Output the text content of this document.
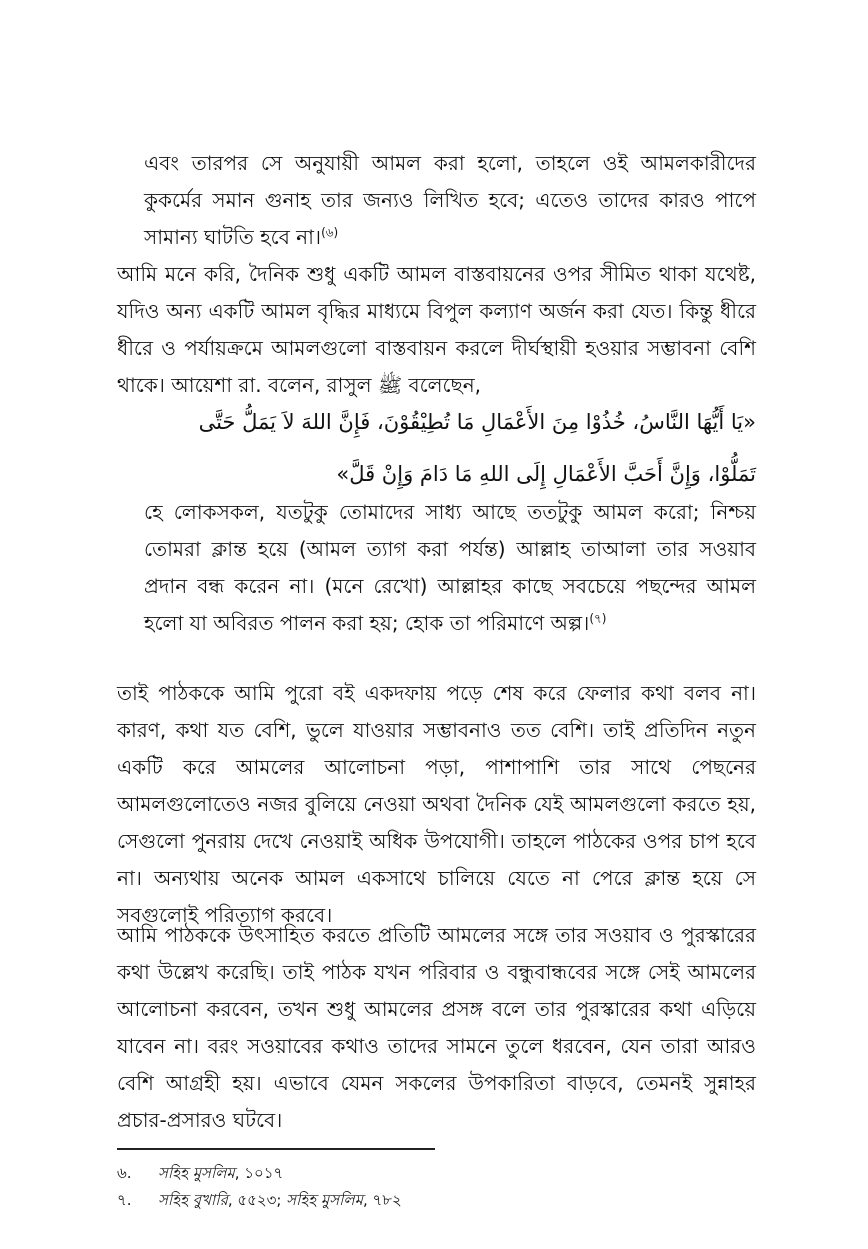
এবং তারপর সে অনুযায়ী আমল করা হলো, তাহলে ওই আমলকারীদের কুকর্মের সমান গুনাহ তার জন্যও লিখিত হবে; এতেও তাদের কারও পাপে সামান্য ঘাটতি হবে না।$^{(৬)}$

আমি মনে করি, দৈনিক শুধু একটি আমল বাস্তবায়নের ওপর সীমিত থাকা যথেষ্ট, যদিও অন্য একটি আমল বৃদ্ধির মাধ্যমে বিপুল কল্যাণ অর্জন করা যেত। কিন্তু ধীরে ধীরে ও পর্যায়ক্রমে আমলগুলো বাস্তবায়ন করলে দীর্ঘস্থায়ী হওয়ার সম্ভাবনা বেশি থাকে। আয়েশা রা. বলেন, রাসুল ﷺ বলেছেন,

«يَا أَيُّهَا النَّاسُ، خُذُوْا مِنَ الأَعْمَالِ مَا تُطِيْقُوْنَ، فَإِنَّ اللهَ لاَ يَمَلُّ حَتَّى تَمَلُّوْا، وَإِنَّ أَحَبَّ الأَعْمَالِ إِلَى اللهِ مَا دَامَ وَإِنْ قَلَّ»

হে লোকসকল, যতটুকু তোমাদের সাধ্য আছে ততটুকু আমল করো; নিশ্চয় তোমরা ক্লান্ত হয়ে (আমল ত্যাগ করা পর্যন্ত) আল্লাহ তাআলা তার সওয়াব প্রদান বন্ধ করেন না। (মনে রেখো) আল্লাহর কাছে সবচেয়ে পছন্দের আমল হলো যা অবিরত পালন করা হয়; হোক তা পরিমাণে অল্প।$^{(৭)}$

তাই পাঠককে আমি পুরো বই একদফায় পড়ে শেষ করে ফেলার কথা বলব না। কারণ, কথা যত বেশি, ভুলে যাওয়ার সম্ভাবনাও তত বেশি। তাই প্রতিদিন নতুন একটি করে আমলের আলোচনা পড়া, পাশাপাশি তার সাথে পেছনের আমলগুলোতেও নজর বুলিয়ে নেওয়া অথবা দৈনিক যেই আমলগুলো করতে হয়, সেগুলো পুনরায় দেখে নেওয়াই অধিক উপযোগী। তাহলে পাঠকের ওপর চাপ হবে না। অন্যথায় অনেক আমল একসাথে চালিয়ে যেতে না পেরে ক্লান্ত হয়ে সে সবগুলোই পরিত্যাগ করবে।

আমি পাঠককে উৎসাহিত করতে প্রতিটি আমলের সঙ্গে তার সওয়াব ও পুরস্কারের কথা উল্লেখ করেছি। তাই পাঠক যখন পরিবার ও বন্ধুবান্ধবের সঙ্গে সেই আমলের আলোচনা করবেন, তখন শুধু আমলের প্রসঙ্গ বলে তার পুরস্কারের কথা এড়িয়ে যাবেন না। বরং সওয়াবের কথাও তাদের সামনে তুলে ধরবেন, যেন তারা আরও বেশি আগ্রহী হয়। এভাবে যেমন সকলের উপকারিতা বাড়বে, তেমনই সুন্নাহর প্রচার-প্রসারও ঘটবে।

৬. সহিহ মুসলিম, ১০১৭
৭. সহিহ বুখারি, ৫৫২৩; সহিহ মুসলিম, ৭৮২
